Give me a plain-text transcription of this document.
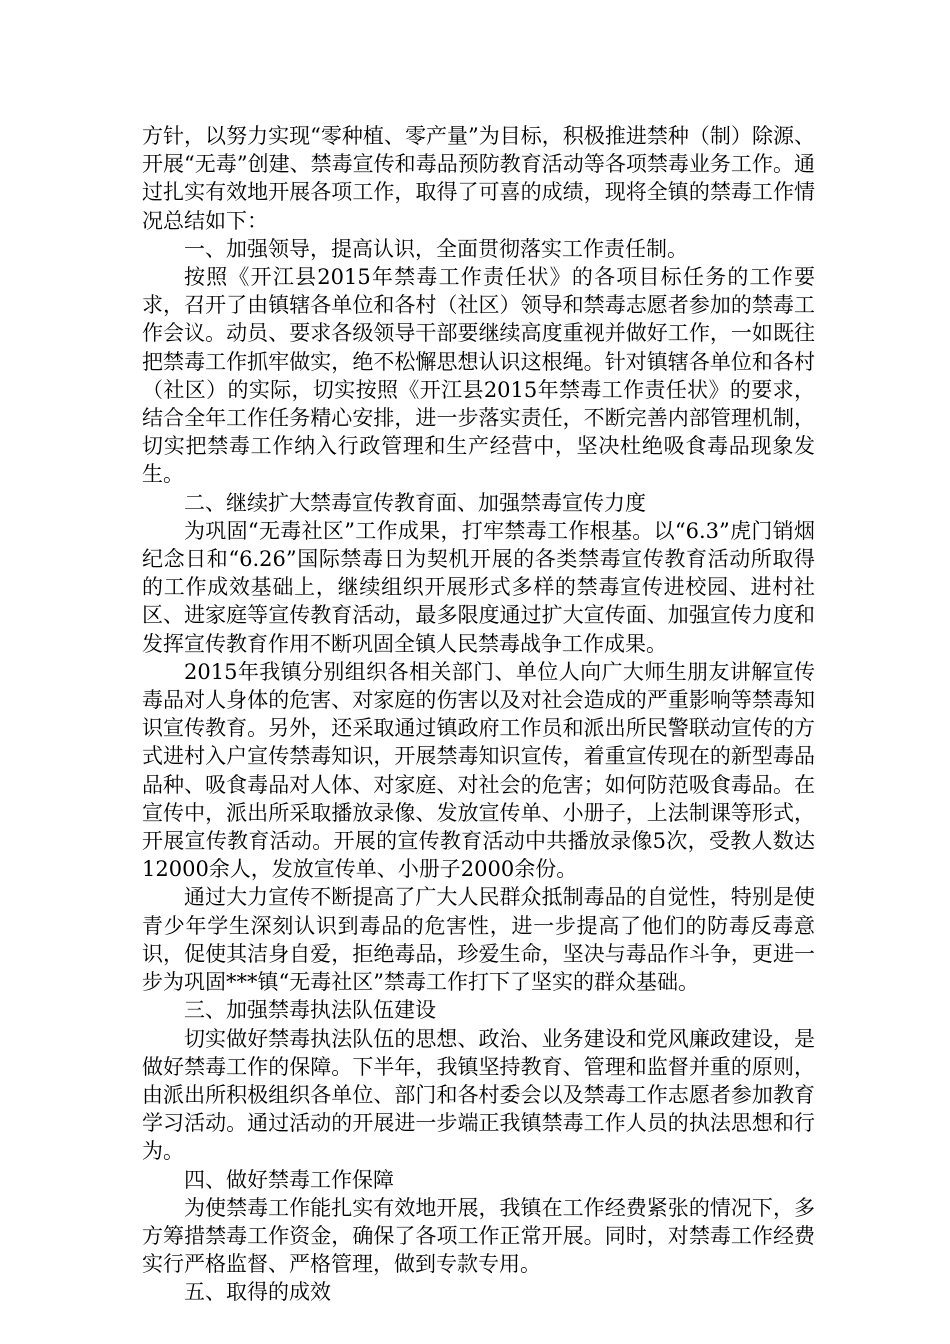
方针，以努力实现“零种植、零产量”为目标，积极推进禁种（制）除源、开展“无毒”创建、禁毒宣传和毒品预防教育活动等各项禁毒业务工作。通过扎实有效地开展各项工作，取得了可喜的成绩，现将全镇的禁毒工作情况总结如下：

一、加强领导，提高认识，全面贯彻落实工作责任制。

按照《开江县2015年禁毒工作责任状》的各项目标任务的工作要求，召开了由镇辖各单位和各村（社区）领导和禁毒志愿者参加的禁毒工作会议。动员、要求各级领导干部要继续高度重视并做好工作，一如既往把禁毒工作抓牢做实，绝不松懈思想认识这根绳。针对镇辖各单位和各村（社区）的实际，切实按照《开江县2015年禁毒工作责任状》的要求，结合全年工作任务精心安排，进一步落实责任，不断完善内部管理机制，切实把禁毒工作纳入行政管理和生产经营中，坚决杜绝吸食毒品现象发生。

二、继续扩大禁毒宣传教育面、加强禁毒宣传力度

为巩固“无毒社区”工作成果，打牢禁毒工作根基。以“6.3”虎门销烟纪念日和“6.26”国际禁毒日为契机开展的各类禁毒宣传教育活动所取得的工作成效基础上，继续组织开展形式多样的禁毒宣传进校园、进村社区、进家庭等宣传教育活动，最多限度通过扩大宣传面、加强宣传力度和发挥宣传教育作用不断巩固全镇人民禁毒战争工作成果。

2015年我镇分别组织各相关部门、单位人向广大师生朋友讲解宣传毒品对人身体的危害、对家庭的伤害以及对社会造成的严重影响等禁毒知识宣传教育。另外，还采取通过镇政府工作员和派出所民警联动宣传的方式进村入户宣传禁毒知识，开展禁毒知识宣传，着重宣传现在的新型毒品品种、吸食毒品对人体、对家庭、对社会的危害；如何防范吸食毒品。在宣传中，派出所采取播放录像、发放宣传单、小册子，上法制课等形式，开展宣传教育活动。开展的宣传教育活动中共播放录像5次，受教人数达12000余人，发放宣传单、小册子2000余份。

通过大力宣传不断提高了广大人民群众抵制毒品的自觉性，特别是使青少年学生深刻认识到毒品的危害性，进一步提高了他们的防毒反毒意识，促使其洁身自爱，拒绝毒品，珍爱生命，坚决与毒品作斗争，更进一步为巩固***镇“无毒社区”禁毒工作打下了坚实的群众基础。

三、加强禁毒执法队伍建设

切实做好禁毒执法队伍的思想、政治、业务建设和党风廉政建设，是做好禁毒工作的保障。下半年，我镇坚持教育、管理和监督并重的原则，由派出所积极组织各单位、部门和各村委会以及禁毒工作志愿者参加教育学习活动。通过活动的开展进一步端正我镇禁毒工作人员的执法思想和行为。

四、做好禁毒工作保障

为使禁毒工作能扎实有效地开展，我镇在工作经费紧张的情况下，多方筹措禁毒工作资金，确保了各项工作正常开展。同时，对禁毒工作经费实行严格监督、严格管理，做到专款专用。

五、取得的成效
